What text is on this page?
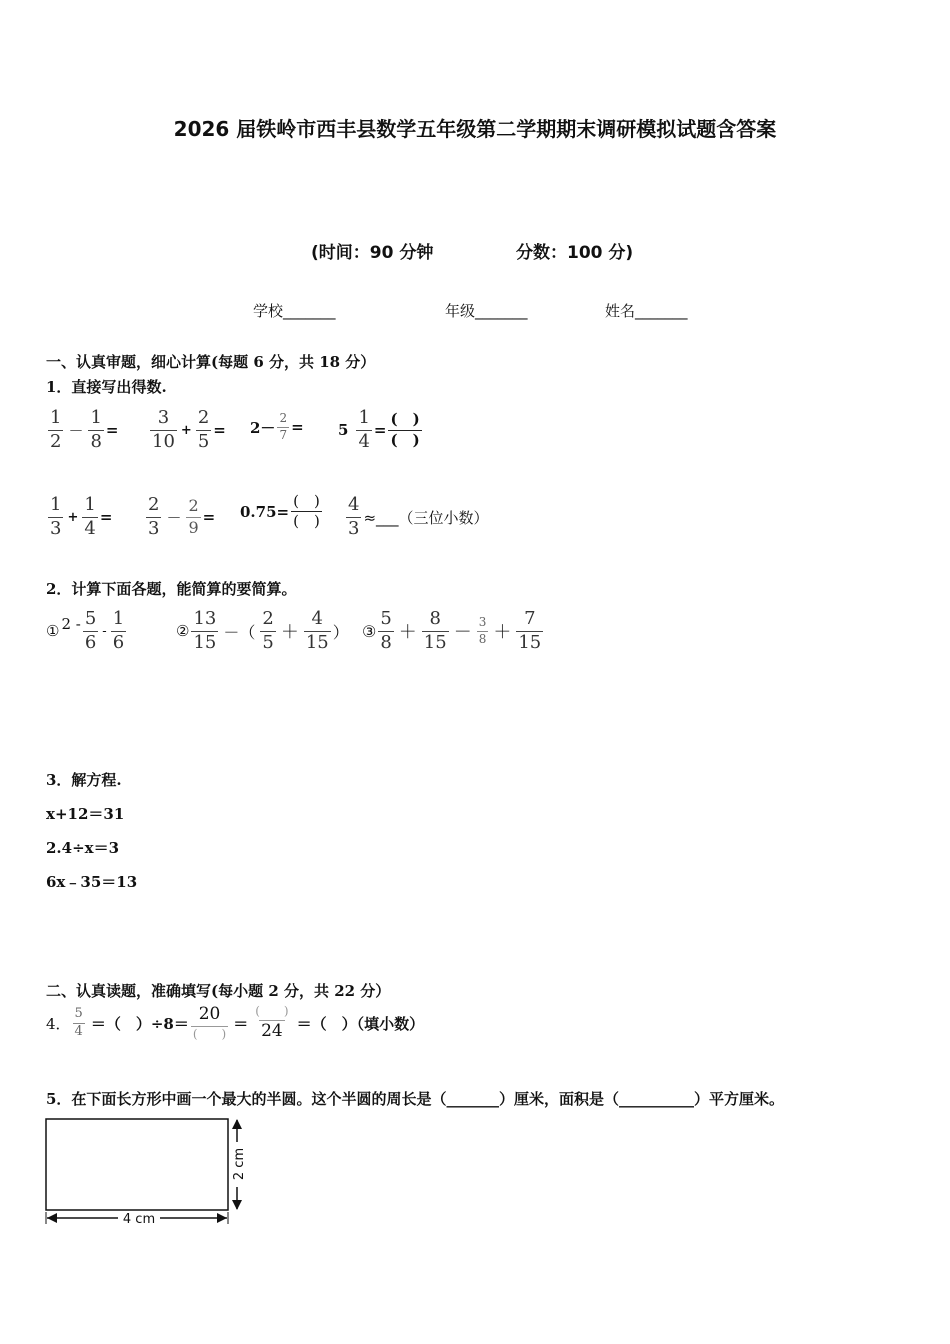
2026 届铁岭市西丰县数学五年级第二学期期末调研模拟试题含答案
(时间：90 分钟	分数：100 分)
学校_______	年级_______	姓名_______
一、认真审题，细心计算(每题 6 分，共 18 分）
1．直接写出得数.
$\frac{1}{2} - \frac{1}{8} = \frac{3}{10} + \frac{2}{5} = 2- \frac{2}{7} = 5 \frac{1}{4} = \frac{( )}{( )}$
$\frac{1}{3} + \frac{1}{4} = \frac{2}{3} - \frac{2}{9} = 0.75= \frac{( )}{( )} \frac{4}{3}$ ≈___（三位小数）
2．计算下面各题，能简算的要简算。
① $2 - \frac{5}{6} - \frac{1}{6}$	② $\frac{13}{15}$ －（ $\frac{2}{5} + \frac{4}{15}$ ） ③ $\frac{5}{8} + \frac{8}{15} - \frac{3}{8} + \frac{7}{15}$
3．解方程.
x+12＝31
2.4÷x＝3
6x﹣35＝13
二、认真读题，准确填写(每小题 2 分，共 22 分）
4． $\frac{5}{4}$ ＝（　）$\div 8= \frac{20}{( )} = \frac{( )}{24}$ ＝（　）（填小数）
5．在下面长方形中画一个最大的半圆。这个半圆的周长是（_______）厘米，面积是（__________）平方厘米。
2 cm
4 cm
